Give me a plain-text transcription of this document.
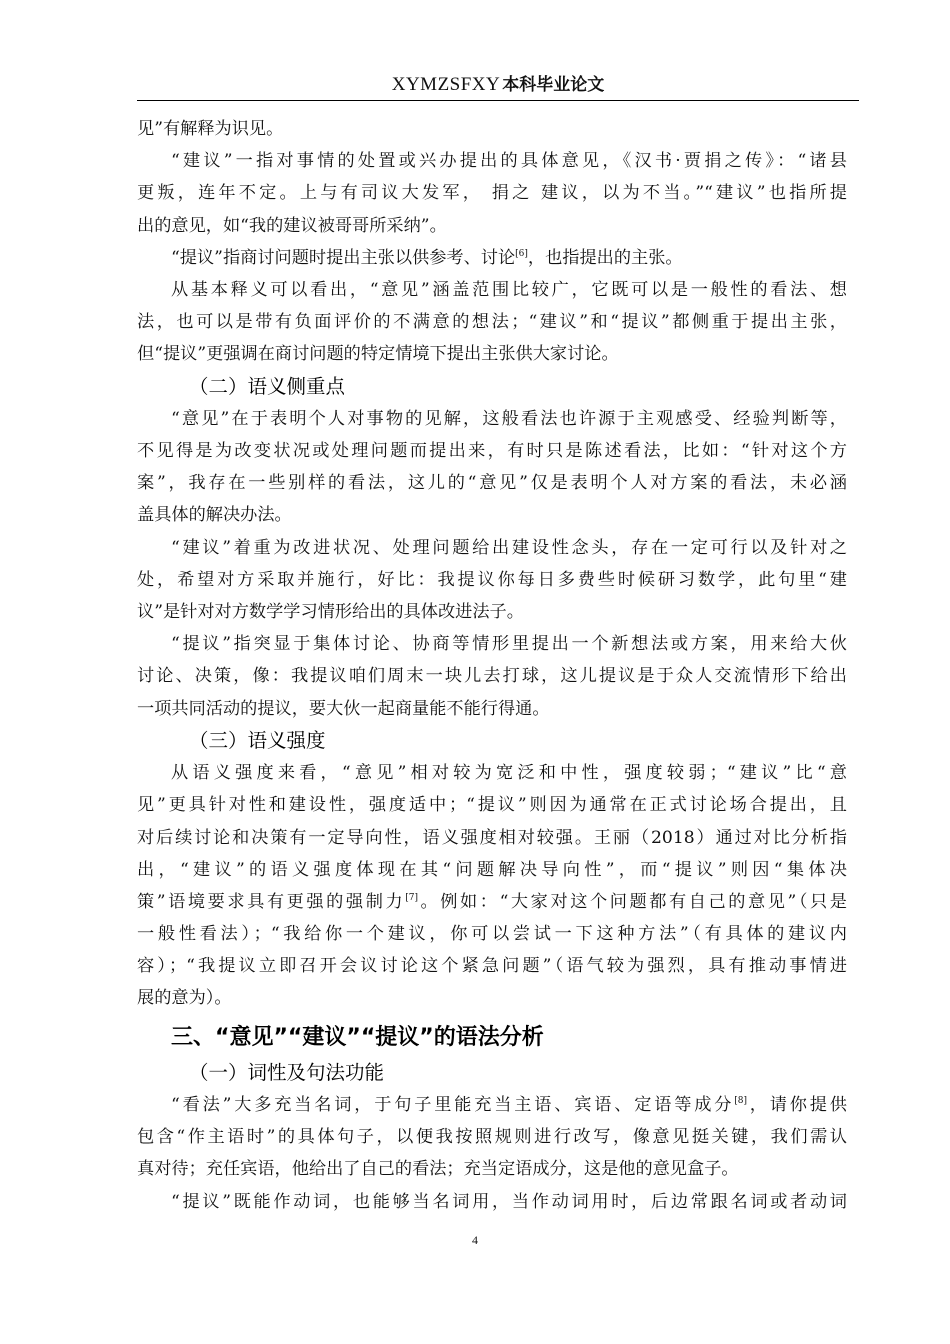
XYMZSFXY 本科毕业论文
见”有解释为识见。
“建议”一指对事情的处置或兴办提出的具体意见，《汉书·贾捐之传》：“诸县
更叛，连年不定。上与有司议大发军， 捐之 建议，以为不当。”“建议”也指所提
出的意见，如“我的建议被哥哥所采纳”。
“提议”指商讨问题时提出主张以供参考、讨论[6]，也指提出的主张。
从基本释义可以看出，“意见”涵盖范围比较广，它既可以是一般性的看法、想
法，也可以是带有负面评价的不满意的想法；“建议”和“提议”都侧重于提出主张，
但“提议”更强调在商讨问题的特定情境下提出主张供大家讨论。
（二）语义侧重点
“意见”在于表明个人对事物的见解，这般看法也许源于主观感受、经验判断等，
不见得是为改变状况或处理问题而提出来，有时只是陈述看法，比如：“针对这个方
案”，我存在一些别样的看法，这儿的“意见”仅是表明个人对方案的看法，未必涵
盖具体的解决办法。
“建议”着重为改进状况、处理问题给出建设性念头，存在一定可行以及针对之
处，希望对方采取并施行，好比：我提议你每日多费些时候研习数学，此句里“建
议”是针对对方数学学习情形给出的具体改进法子。
“提议”指突显于集体讨论、协商等情形里提出一个新想法或方案，用来给大伙
讨论、决策，像：我提议咱们周末一块儿去打球，这儿提议是于众人交流情形下给出
一项共同活动的提议，要大伙一起商量能不能行得通。
（三）语义强度
从语义强度来看，“意见”相对较为宽泛和中性，强度较弱；“建议”比“意
见”更具针对性和建设性，强度适中；“提议”则因为通常在正式讨论场合提出，且
对后续讨论和决策有一定导向性，语义强度相对较强。王丽（2018）通过对比分析指
出，“建议”的语义强度体现在其“问题解决导向性”，而“提议”则因“集体决
策”语境要求具有更强的强制力[7]。例如：“大家对这个问题都有自己的意见”（只是
一般性看法）；“我给你一个建议，你可以尝试一下这种方法”（有具体的建议内
容）；“我提议立即召开会议讨论这个紧急问题”（语气较为强烈，具有推动事情进
展的意为）。
三、“意见”“建议”“提议”的语法分析
（一）词性及句法功能
“看法”大多充当名词，于句子里能充当主语、宾语、定语等成分[8]，请你提供
包含“作主语时”的具体句子，以便我按照规则进行改写，像意见挺关键，我们需认
真对待；充任宾语，他给出了自己的看法；充当定语成分，这是他的意见盒子。
“提议”既能作动词，也能够当名词用，当作动词用时，后边常跟名词或者动词
4
